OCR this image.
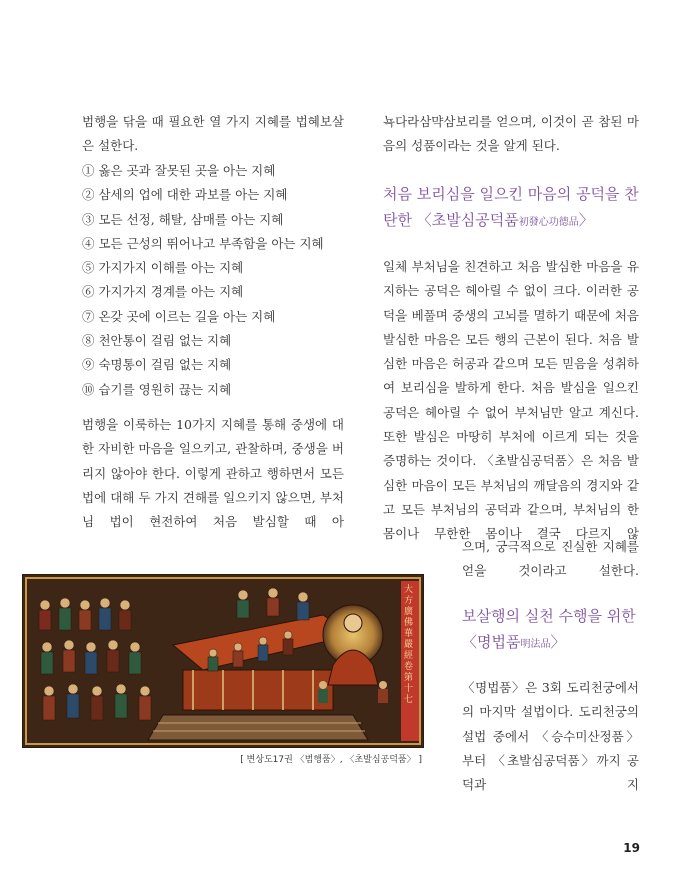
범행을 닦을 때 필요한 열 가지 지혜를 법혜보살은 설한다.

① 옳은 곳과 잘못된 곳을 아는 지혜
② 삼세의 업에 대한 과보를 아는 지혜
③ 모든 선정, 해탈, 삼매를 아는 지혜
④ 모든 근성의 뛰어나고 부족함을 아는 지혜
⑤ 가지가지 이해를 아는 지혜
⑥ 가지가지 경계를 아는 지혜
⑦ 온갖 곳에 이르는 길을 아는 지혜
⑧ 천안통이 걸림 없는 지혜
⑨ 숙명통이 걸림 없는 지혜
⑩ 습기를 영원히 끊는 지혜

범행을 이룩하는 10가지 지혜를 통해 중생에 대한 자비한 마음을 일으키고, 관찰하며, 중생을 버리지 않아야 한다. 이렇게 관하고 행하면서 모든 법에 대해 두 가지 견해를 일으키지 않으면, 부처님 법이 현전하여 처음 발심할 때 아

大方廣佛華嚴經卷第十七
[ 변상도17권 〈범행품〉, 〈초발심공덕품〉 ]

뇩다라삼먁삼보리를 얻으며, 이것이 곧 참된 마음의 성품이라는 것을 알게 된다.

처음 보리심을 일으킨 마음의 공덕을 찬탄한 〈초발심공덕품初發心功德品〉

일체 부처님을 친견하고 처음 발심한 마음을 유지하는 공덕은 헤아릴 수 없이 크다. 이러한 공덕을 베풀며 중생의 고뇌를 멸하기 때문에 처음 발심한 마음은 모든 행의 근본이 된다. 처음 발심한 마음은 허공과 같으며 모든 믿음을 성취하여 보리심을 발하게 한다. 처음 발심을 일으킨 공덕은 헤아릴 수 없어 부처님만 알고 계신다. 또한 발심은 마땅히 부처에 이르게 되는 것을 증명하는 것이다. 〈초발심공덕품〉은 처음 발심한 마음이 모든 부처님의 깨달음의 경지와 같고 모든 부처님의 공덕과 같으며, 부처님의 한 몸이나 무한한 몸이나 결국 다르지 않

으며, 궁극적으로 진실한 지혜를 얻을 것이라고 설한다.

보살행의 실천 수행을 위한
〈명법품明法品〉

〈명법품〉은 3회 도리천궁에서의 마지막 설법이다. 도리천궁의 설법 중에서 〈승수미산정품〉부터 〈초발심공덕품〉까지 공덕과 지

19
